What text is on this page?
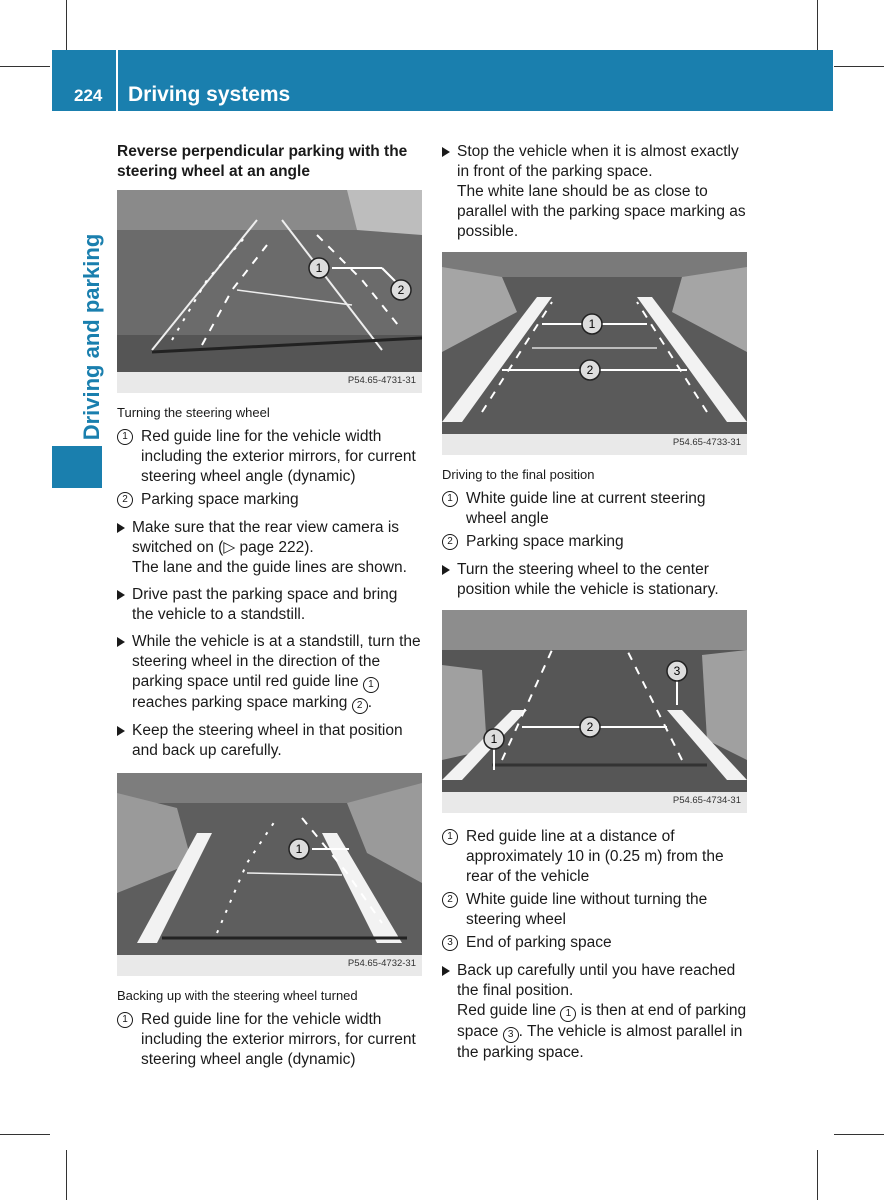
224 Driving systems
Driving and parking
Reverse perpendicular parking with the steering wheel at an angle
1
2
P54.65-4731-31
Turning the steering wheel
1 Red guide line for the vehicle width including the exterior mirrors, for current steering wheel angle (dynamic)
2 Parking space marking
Make sure that the rear view camera is switched on (▷ page 222).
The lane and the guide lines are shown.
Drive past the parking space and bring the vehicle to a standstill.
While the vehicle is at a standstill, turn the steering wheel in the direction of the parking space until red guide line 1 reaches parking space marking 2 .
Keep the steering wheel in that position and back up carefully.
1
P54.65-4732-31
Backing up with the steering wheel turned
1 Red guide line for the vehicle width including the exterior mirrors, for current steering wheel angle (dynamic)
Stop the vehicle when it is almost exactly in front of the parking space.
The white lane should be as close to parallel with the parking space marking as possible.
1
2
P54.65-4733-31
Driving to the final position
1 White guide line at current steering wheel angle
2 Parking space marking
Turn the steering wheel to the center position while the vehicle is stationary.
1
2
3
P54.65-4734-31
1 Red guide line at a distance of approximately 10 in (0.25 m) from the rear of the vehicle
2 White guide line without turning the steering wheel
3 End of parking space
Back up carefully until you have reached the final position.
Red guide line 1 is then at end of parking space 3 . The vehicle is almost parallel in the parking space.
